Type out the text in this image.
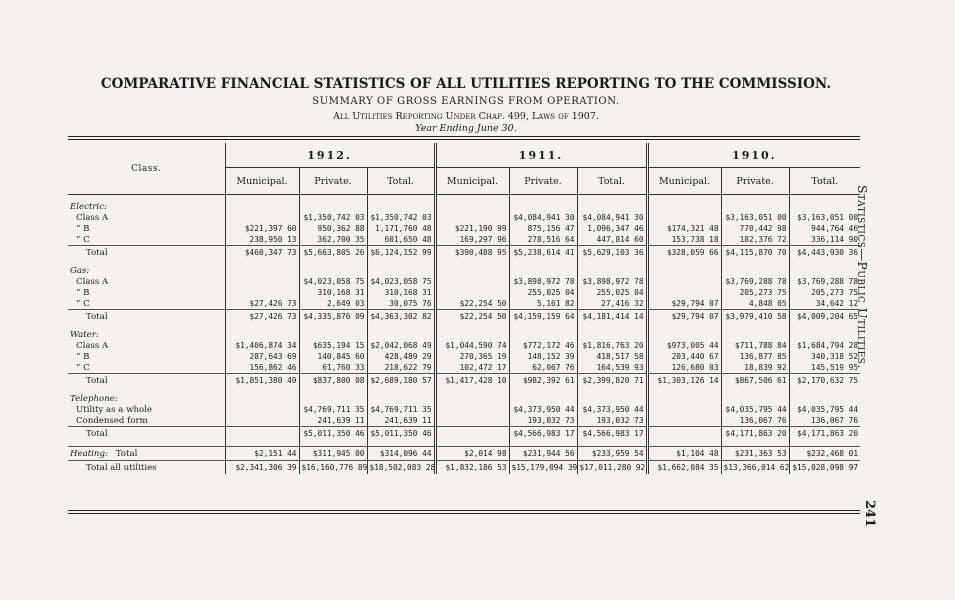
COMPARATIVE FINANCIAL STATISTICS OF ALL UTILITIES REPORTING TO THE COMMISSION.
SUMMARY OF GROSS EARNINGS FROM OPERATION.
All Utilities Reporting Under Chap. 499, Laws of 1907.
Year Ending June 30.
Class.	1912.			1911.			1910.		
	Municipal.	Private.	Total.	Municipal.	Private.	Total.	Municipal.	Private.	Total.

Electric:									
Class A		$1,350,742 03	$1,350,742 03		$4,084,941 30	$4,084,941 30		$3,163,051 00	$3,163,051 00
“ B	$221,397 60	950,362 88	1,171,760 48	$221,190 99	875,156 47	1,096,347 46	$174,321 48	770,442 98	944,764 46
“ C	238,950 13	362,700 35	601,650 48	169,297 96	278,516 64	447,814 60	153,738 18	182,376 72	336,114 90
Total	$460,347 73	$5,663,805 26	$6,124,152 99	$390,488 95	$5,238,614 41	$5,629,103 36	$328,059 66	$4,115,870 70	$4,443,930 36

Gas:									
Class A		$4,023,058 75	$4,023,058 75		$3,898,972 78	$3,898,972 78		$3,769,288 78	$3,769,288 78
“ B		310,168 31	310,168 31		255,025 04	255,025 04		205,273 75	205,273 75
“ C	$27,426 73	2,649 03	30,075 76	$22,254 50	5,161 82	27,416 32	$29,794 07	4,848 05	34,642 12
Total	$27,426 73	$4,335,876 09	$4,363,302 82	$22,254 50	$4,159,159 64	$4,181,414 14	$29,794 07	$3,979,410 58	$4,009,204 65

Water:									
Class A	$1,406,874 34	$635,194 15	$2,042,068 49	$1,044,590 74	$772,172 46	$1,816,763 20	$973,005 44	$711,788 84	$1,684,794 28
“ B	287,643 69	140,845 60	428,489 29	270,365 19	148,152 39	418,517 58	203,440 67	136,877 85	340,318 52
“ C	156,862 46	61,760 33	218,622 79	102,472 17	62,067 76	164,539 93	126,680 03	18,839 92	145,519 95
Total	$1,851,380 49	$837,800 08	$2,689,180 57	$1,417,428 10	$982,392 61	$2,399,820 71	$1,303,126 14	$867,506 61	$2,170,632 75

Telephone:									
Utility as a whole		$4,769,711 35	$4,769,711 35		$4,373,950 44	$4,373,950 44		$4,035,795 44	$4,035,795 44
Condensed form		241,639 11	241,639 11		193,032 73	193,032 73		136,067 76	136,067 76
Total		$5,011,350 46	$5,011,350 46		$4,566,983 17	$4,566,983 17		$4,171,863 20	$4,171,863 20

Heating: Total	$2,151 44	$311,945 00	$314,096 44	$2,014 98	$231,944 56	$233,959 54	$1,104 48	$231,363 53	$232,468 01
Total all utilities	$2,341,306 39	$16,160,776 89	$18,502,083 28	$1,832,186 53	$15,179,094 39	$17,011,280 92	$1,662,084 35	$13,366,014 62	$15,028,098 97
Statistics—Public Utilities.
241
